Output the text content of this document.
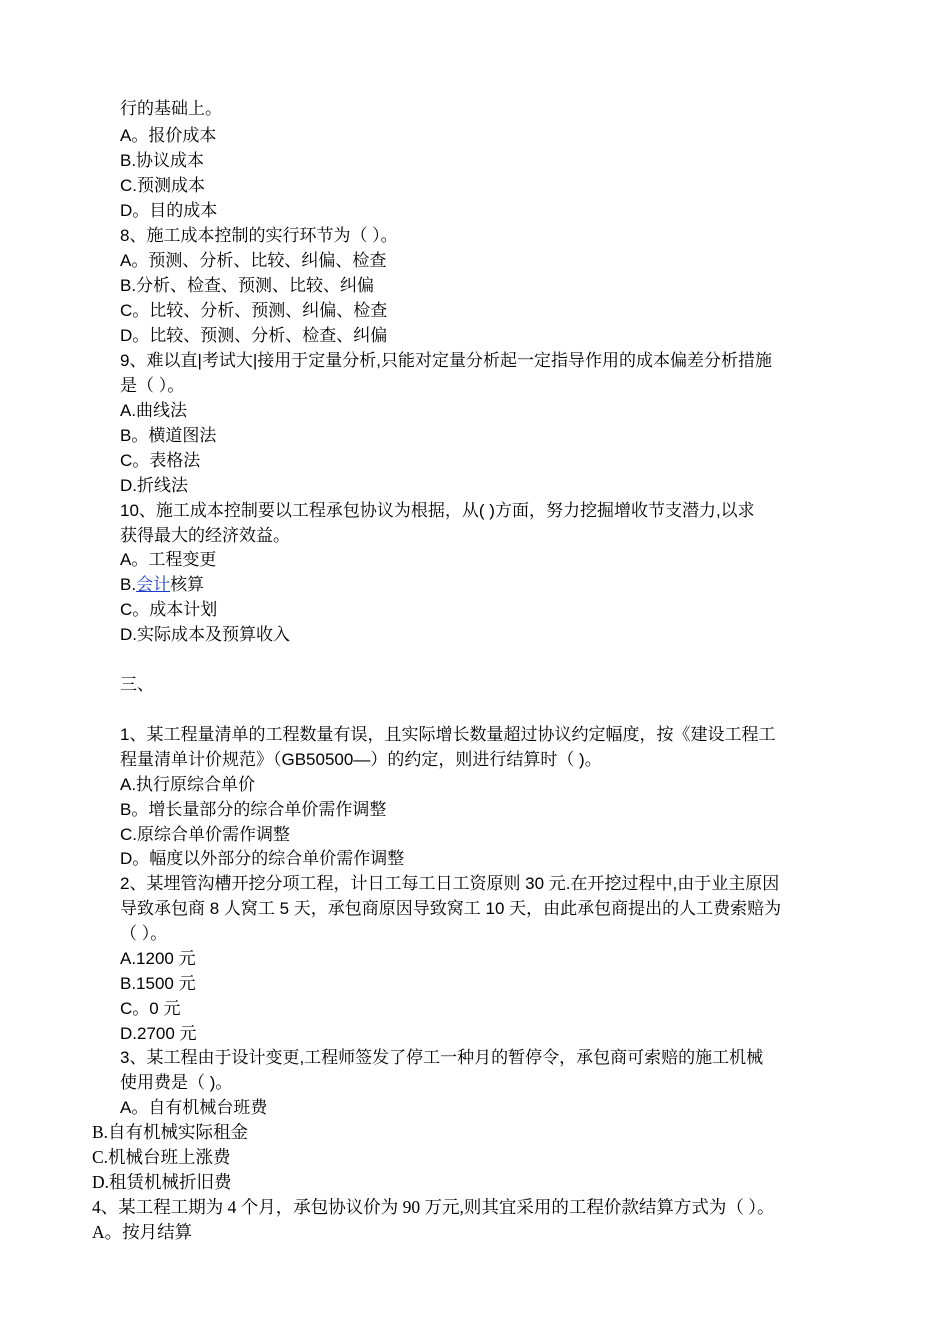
行的基础上。
A。报价成本
B.协议成本
C.预测成本
D。目的成本
8、施工成本控制的实行环节为（ ）。
A。预测、分析、比较、纠偏、检查
B.分析、检查、预测、比较、纠偏
C。比较、分析、预测、纠偏、检查
D。比较、预测、分析、检查、纠偏
9、难以直|考试大|接用于定量分析,只能对定量分析起一定指导作用的成本偏差分析措施
是（ ）。
A.曲线法
B。横道图法
C。表格法
D.折线法
10、施工成本控制要以工程承包协议为根据，从( )方面，努力挖掘增收节支潜力,以求
获得最大的经济效益。
A。工程变更
B.会计核算
C。成本计划
D.实际成本及预算收入
三、
1、某工程量清单的工程数量有误，且实际增长数量超过协议约定幅度，按《建设工程工
程量清单计价规范》（GB50500—）的约定，则进行结算时（ )。
A.执行原综合单价
B。增长量部分的综合单价需作调整
C.原综合单价需作调整
D。幅度以外部分的综合单价需作调整
2、某埋管沟槽开挖分项工程，计日工每工日工资原则 30 元.在开挖过程中,由于业主原因
导致承包商 8 人窝工 5 天，承包商原因导致窝工 10 天，由此承包商提出的人工费索赔为
（ ）。
A.1200 元
B.1500 元
C。0 元
D.2700 元
3、某工程由于设计变更,工程师签发了停工一种月的暂停令，承包商可索赔的施工机械
使用费是（ )。
A。自有机械台班费
B.自有机械实际租金
C.机械台班上涨费
D.租赁机械折旧费
4、某工程工期为 4 个月，承包协议价为 90 万元,则其宜采用的工程价款结算方式为（ ）。
A。按月结算
